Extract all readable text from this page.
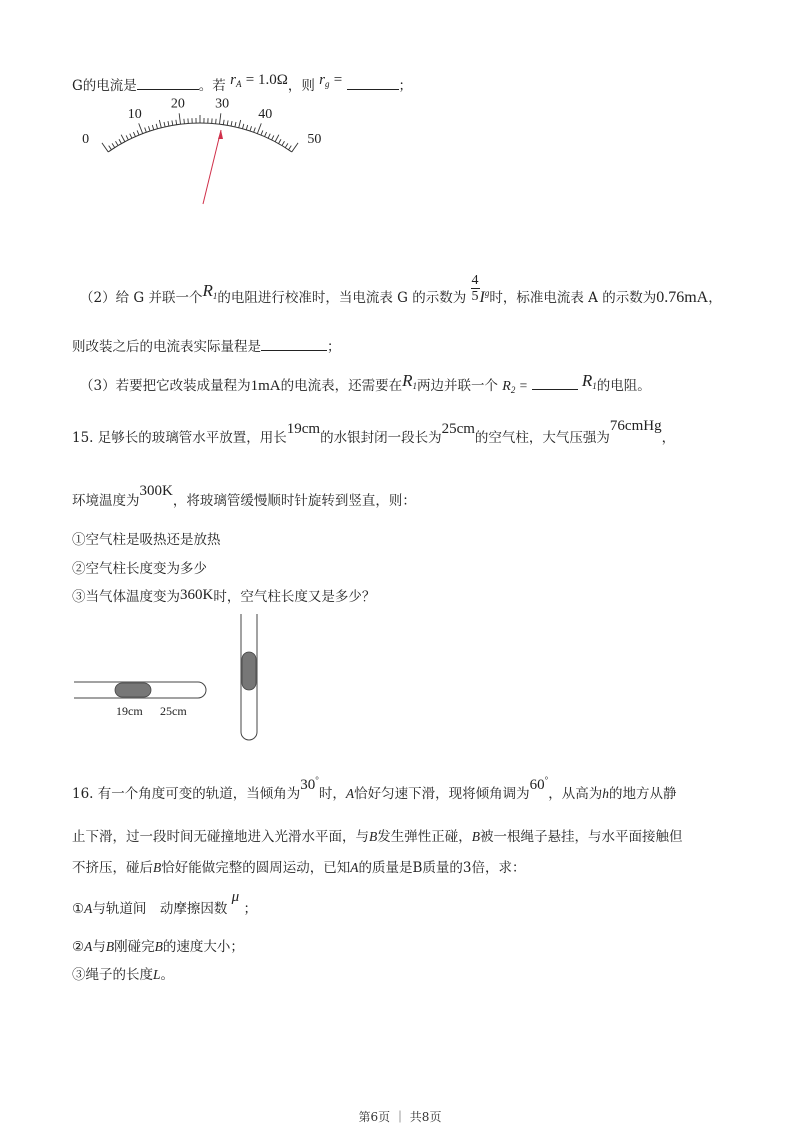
G的电流是	。若 $r_A = 1.0\Omega$，则 $r_g$ =	；
0
10
20 30
40
50
（2）给 G 并联一个$R_1$的电阻进行校准时，当电流表 G 的示数为 $\frac{4}{5} I^g$时，标准电流表 A 的示数为0.76mA，
则改装之后的电流表实际量程是	；
（3）若要把它改装成量程为1mA的电流表，还需要在$R_1$两边并联一个 $R_2$ =	$R_1$的电阻。
15. 足够长的玻璃管水平放置，用长19cm的水银封闭一段长为25cm的空气柱，大气压强为76cmHg，
环境温度为300K，将玻璃管缓慢顺时针旋转到竖直，则：
①空气柱是吸热还是放热
②空气柱长度变为多少
③当气体温度变为360K时，空气柱长度又是多少？
19cm 25cm
16. 有一个角度可变的轨道，当倾角为30°时，A恰好匀速下滑，现将倾角调为60°，从高为h的地方从静
止下滑，过一段时间无碰撞地进入光滑水平面，与B发生弹性正碰，B被一根绳子悬挂，与水平面接触但
不挤压，碰后B恰好能做完整的圆周运动，已知A的质量是B质量的3倍，求：
①A与轨道间　动摩擦因数 μ ；
②A与B刚碰完B的速度大小；
③绳子的长度L。
第6页 ｜ 共8页
